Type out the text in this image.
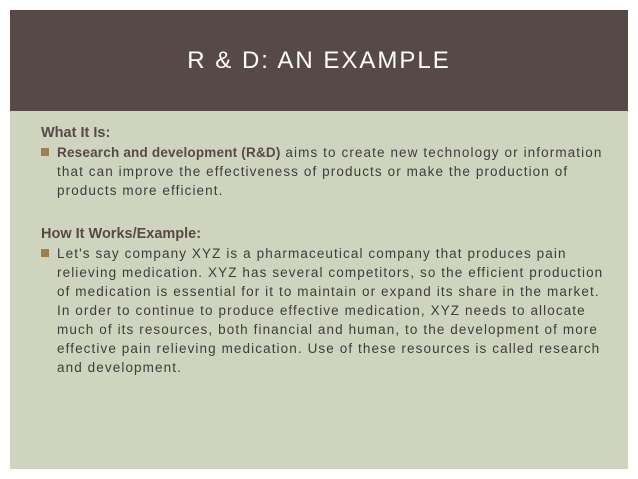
R & D: AN EXAMPLE

What It Is:

Research and development (R&D) aims to create new technology or information that can improve the effectiveness of products or make the production of products more efficient.

How It Works/Example:

Let's say company XYZ is a pharmaceutical company that produces pain relieving medication. XYZ has several competitors, so the efficient production of medication is essential for it to maintain or expand its share in the market. In order to continue to produce effective medication, XYZ needs to allocate much of its resources, both financial and human, to the development of more effective pain relieving medication. Use of these resources is called research and development.
